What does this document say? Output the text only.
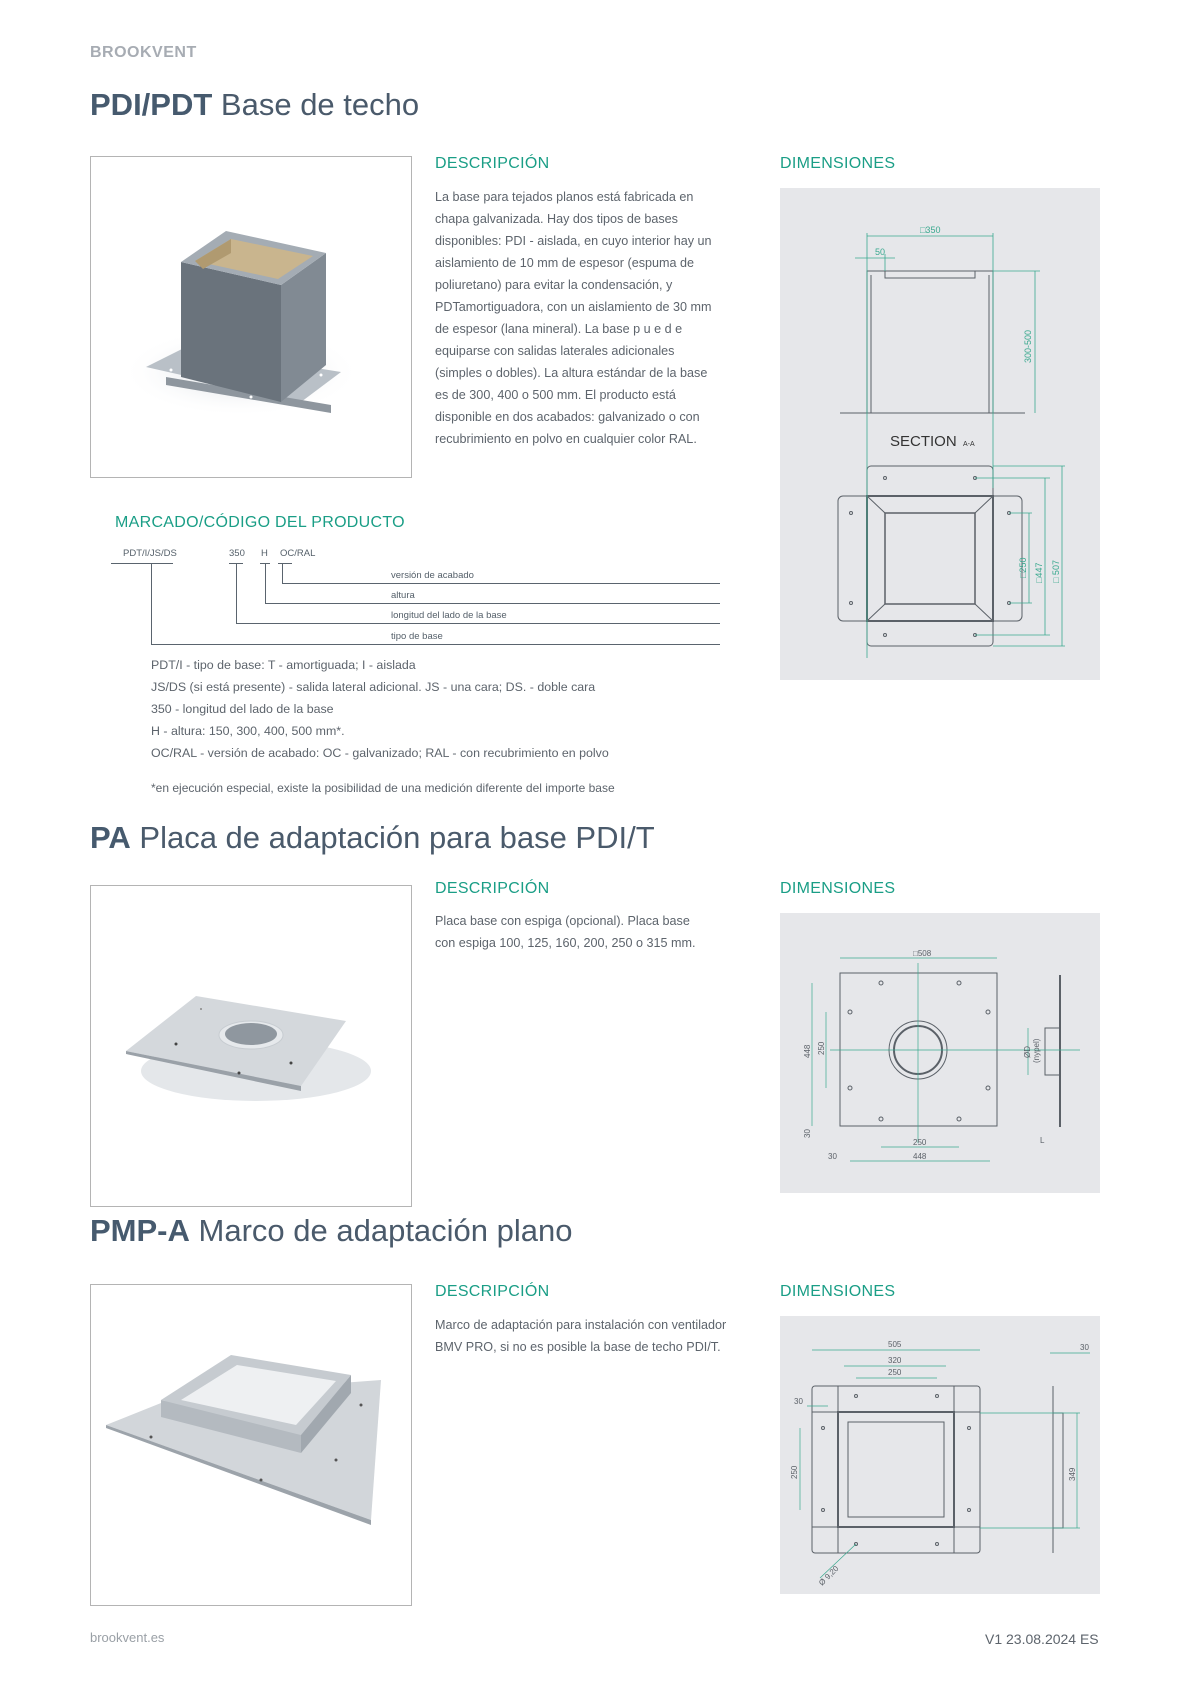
BROOKVENT
PDI/PDT Base de techo
DESCRIPCIÓN
La base para tejados planos está fabricada en
chapa galvanizada. Hay dos tipos de bases
disponibles: PDI - aislada, en cuyo interior hay un
aislamiento de 10 mm de espesor (espuma de
poliuretano) para evitar la condensación, y
PDTamortiguadora, con un aislamiento de 30 mm
de espesor (lana mineral). La base p u e d e
equiparse con salidas laterales adicionales
(simples o dobles). La altura estándar de la base
es de 300, 400 o 500 mm. El producto está
disponible en dos acabados: galvanizado o con
recubrimiento en polvo en cualquier color RAL.
DIMENSIONES
□350
50
300-500
□250 □447 □ 507
SECTION A-A
MARCADO/CÓDIGO DEL PRODUCTO
PDT/I/JS/DS	350 H OC/RAL
versión de acabado
altura
longitud del lado de la base
tipo de base
PDT/I - tipo de base: T - amortiguada; I - aislada
JS/DS (si está presente) - salida lateral adicional. JS - una cara; DS. - doble cara
350 - longitud del lado de la base
H - altura: 150, 300, 400, 500 mm*.
OC/RAL - versión de acabado: OC - galvanizado; RAL - con recubrimiento en polvo
*en ejecución especial, existe la posibilidad de una medición diferente del importe base
PA Placa de adaptación para base PDI/T
DESCRIPCIÓN
Placa base con espiga (opcional). Placa base
con espiga 100, 125, 160, 200, 250 o 315 mm.
DIMENSIONES
□508
448 250
250
448
30
30
ØD (nypel)
L
PMP-A Marco de adaptación plano
DESCRIPCIÓN
Marco de adaptación para instalación con ventilador
BMV PRO, si no es posible la base de techo PDI/T.
DIMENSIONES
505
320
250
30
250
Ø 9,20
30
349
brookvent.es	V1 23.08.2024 ES
